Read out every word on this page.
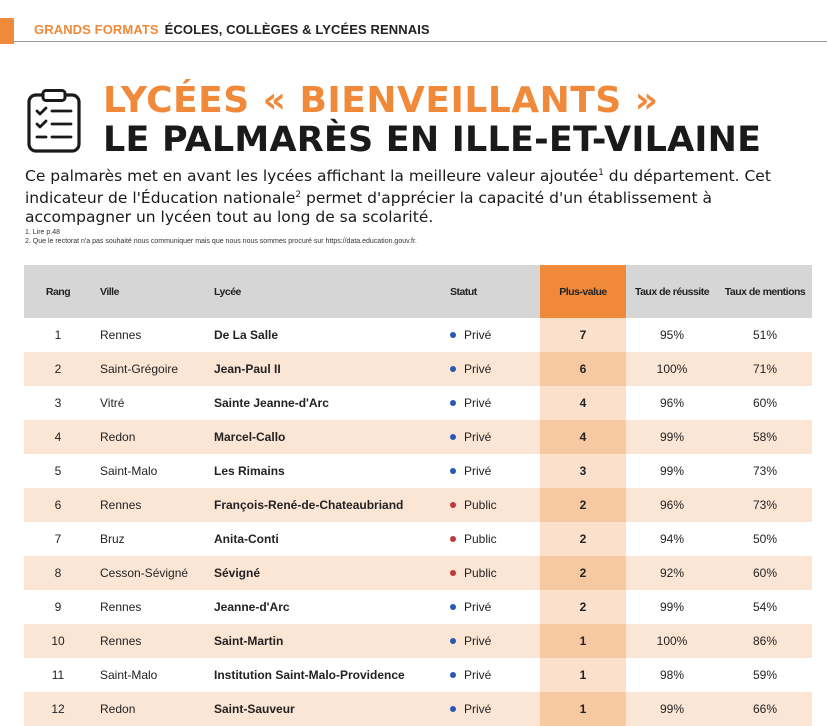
GRANDS FORMATS ÉCOLES, COLLÈGES & LYCÉES RENNAIS
LYCÉES « BIENVEILLANTS »
LE PALMARÈS EN ILLE-ET-VILAINE
Ce palmarès met en avant les lycées affichant la meilleure valeur ajoutée$^1$ du département. Cet indicateur de l'Éducation nationale$^2$ permet d'apprécier la capacité d'un établissement à accompagner un lycéen tout au long de sa scolarité.
1. Lire p.48
2. Que le rectorat n'a pas souhaité nous communiquer mais que nous nous sommes procuré sur https://data.education.gouv.fr.
Rang	Ville	Lycée	Statut	Plus-value	Taux de réussite	Taux de mentions
1	Rennes	De La Salle	Privé	7	95%	51%
2	Saint-Grégoire	Jean-Paul II	Privé	6	100%	71%
3	Vitré	Sainte Jeanne-d'Arc	Privé	4	96%	60%
4	Redon	Marcel-Callo	Privé	4	99%	58%
5	Saint-Malo	Les Rimains	Privé	3	99%	73%
6	Rennes	François-René-de-Chateaubriand	Public	2	96%	73%
7	Bruz	Anita-Conti	Public	2	94%	50%
8	Cesson-Sévigné	Sévigné	Public	2	92%	60%
9	Rennes	Jeanne-d'Arc	Privé	2	99%	54%
10	Rennes	Saint-Martin	Privé	1	100%	86%
11	Saint-Malo	Institution Saint-Malo-Providence	Privé	1	98%	59%
12	Redon	Saint-Sauveur	Privé	1	99%	66%
